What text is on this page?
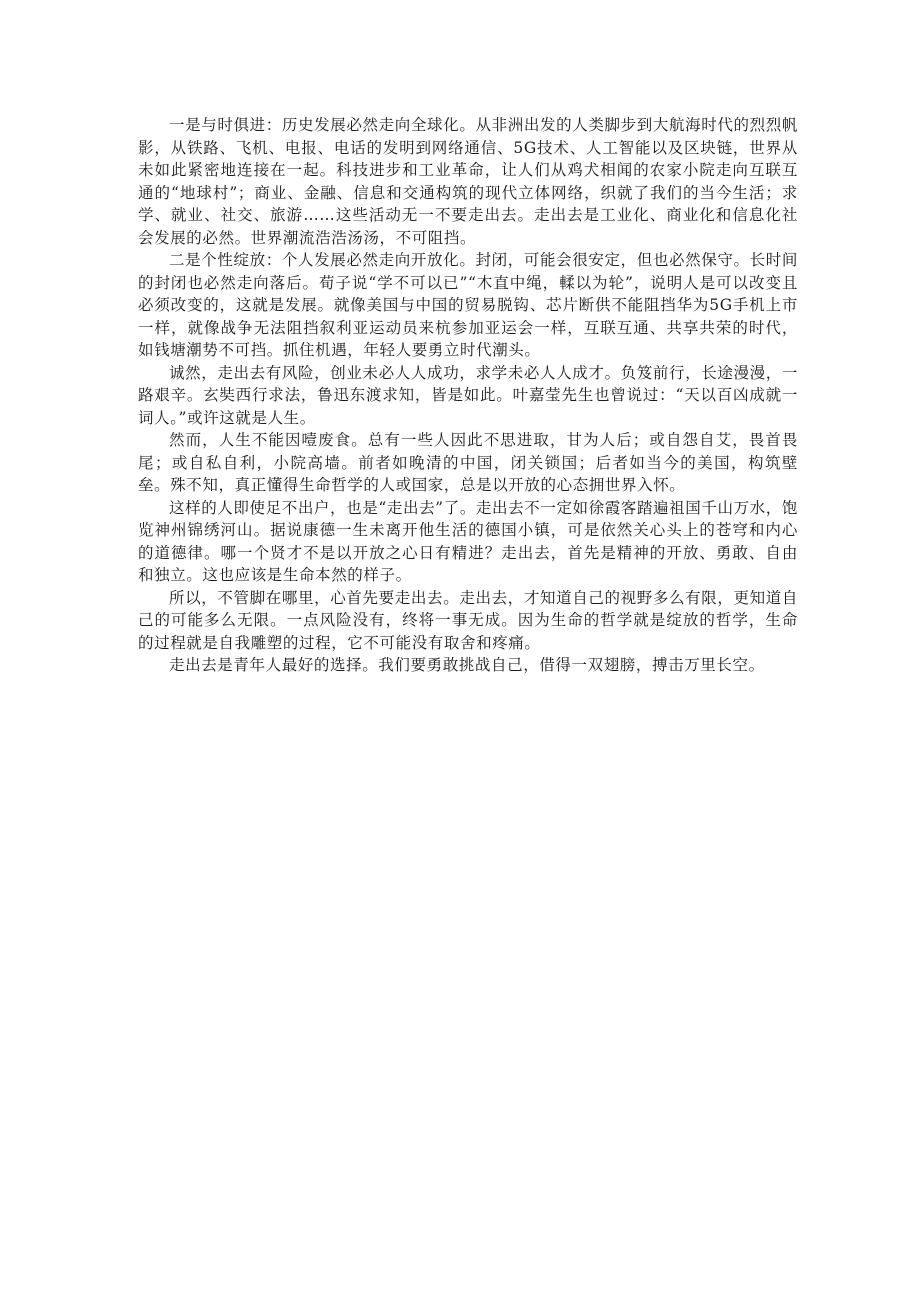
一是与时俱进：历史发展必然走向全球化。从非洲出发的人类脚步到大航海时代的烈烈帆影，从铁路、飞机、电报、电话的发明到网络通信、5G技术、人工智能以及区块链，世界从未如此紧密地连接在一起。科技进步和工业革命，让人们从鸡犬相闻的农家小院走向互联互通的“地球村”；商业、金融、信息和交通构筑的现代立体网络，织就了我们的当今生活；求学、就业、社交、旅游……这些活动无一不要走出去。走出去是工业化、商业化和信息化社会发展的必然。世界潮流浩浩汤汤，不可阻挡。

二是个性绽放：个人发展必然走向开放化。封闭，可能会很安定，但也必然保守。长时间的封闭也必然走向落后。荀子说“学不可以已”“木直中绳，輮以为轮”，说明人是可以改变且必须改变的，这就是发展。就像美国与中国的贸易脱钩、芯片断供不能阻挡华为5G手机上市一样，就像战争无法阻挡叙利亚运动员来杭参加亚运会一样，互联互通、共享共荣的时代，如钱塘潮势不可挡。抓住机遇，年轻人要勇立时代潮头。

诚然，走出去有风险，创业未必人人成功，求学未必人人成才。负笈前行，长途漫漫，一路艰辛。玄奘西行求法，鲁迅东渡求知，皆是如此。叶嘉莹先生也曾说过：“天以百凶成就一词人。”或许这就是人生。

然而，人生不能因噎废食。总有一些人因此不思进取，甘为人后；或自怨自艾，畏首畏尾；或自私自利，小院高墙。前者如晚清的中国，闭关锁国；后者如当今的美国，构筑壁垒。殊不知，真正懂得生命哲学的人或国家，总是以开放的心态拥世界入怀。

这样的人即使足不出户，也是“走出去”了。走出去不一定如徐霞客踏遍祖国千山万水，饱览神州锦绣河山。据说康德一生未离开他生活的德国小镇，可是依然关心头上的苍穹和内心的道德律。哪一个贤才不是以开放之心日有精进？走出去，首先是精神的开放、勇敢、自由和独立。这也应该是生命本然的样子。

所以，不管脚在哪里，心首先要走出去。走出去，才知道自己的视野多么有限，更知道自己的可能多么无限。一点风险没有，终将一事无成。因为生命的哲学就是绽放的哲学，生命的过程就是自我雕塑的过程，它不可能没有取舍和疼痛。

走出去是青年人最好的选择。我们要勇敢挑战自己，借得一双翅膀，搏击万里长空。
